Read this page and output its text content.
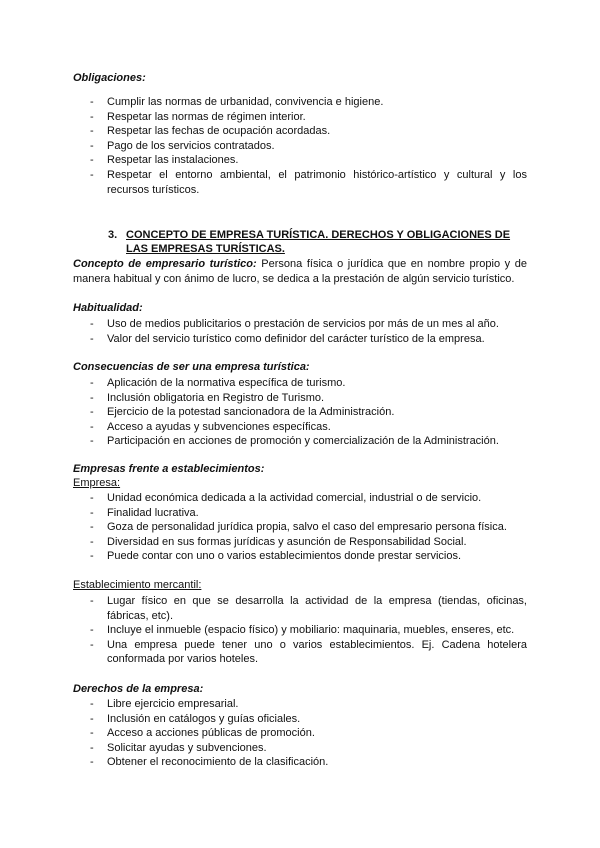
Obligaciones:
- Cumplir las normas de urbanidad, convivencia e higiene.
- Respetar las normas de régimen interior.
- Respetar las fechas de ocupación acordadas.
- Pago de los servicios contratados.
- Respetar las instalaciones.
- Respetar el entorno ambiental, el patrimonio histórico-artístico y cultural y los recursos turísticos.
3. CONCEPTO DE EMPRESA TURÍSTICA. DERECHOS Y OBLIGACIONES DE LAS EMPRESAS TURÍSTICAS.
Concepto de empresario turístico: Persona física o jurídica que en nombre propio y de manera habitual y con ánimo de lucro, se dedica a la prestación de algún servicio turístico.
Habitualidad:
- Uso de medios publicitarios o prestación de servicios por más de un mes al año.
- Valor del servicio turístico como definidor del carácter turístico de la empresa.
Consecuencias de ser una empresa turística:
- Aplicación de la normativa específica de turismo.
- Inclusión obligatoria en Registro de Turismo.
- Ejercicio de la potestad sancionadora de la Administración.
- Acceso a ayudas y subvenciones específicas.
- Participación en acciones de promoción y comercialización de la Administración.
Empresas frente a establecimientos:
Empresa:
- Unidad económica dedicada a la actividad comercial, industrial o de servicio.
- Finalidad lucrativa.
- Goza de personalidad jurídica propia, salvo el caso del empresario persona física.
- Diversidad en sus formas jurídicas y asunción de Responsabilidad Social.
- Puede contar con uno o varios establecimientos donde prestar servicios.
Establecimiento mercantil:
- Lugar físico en que se desarrolla la actividad de la empresa (tiendas, oficinas, fábricas, etc).
- Incluye el inmueble (espacio físico) y mobiliario: maquinaria, muebles, enseres, etc.
- Una empresa puede tener uno o varios establecimientos. Ej. Cadena hotelera conformada por varios hoteles.
Derechos de la empresa:
- Libre ejercicio empresarial.
- Inclusión en catálogos y guías oficiales.
- Acceso a acciones públicas de promoción.
- Solicitar ayudas y subvenciones.
- Obtener el reconocimiento de la clasificación.
